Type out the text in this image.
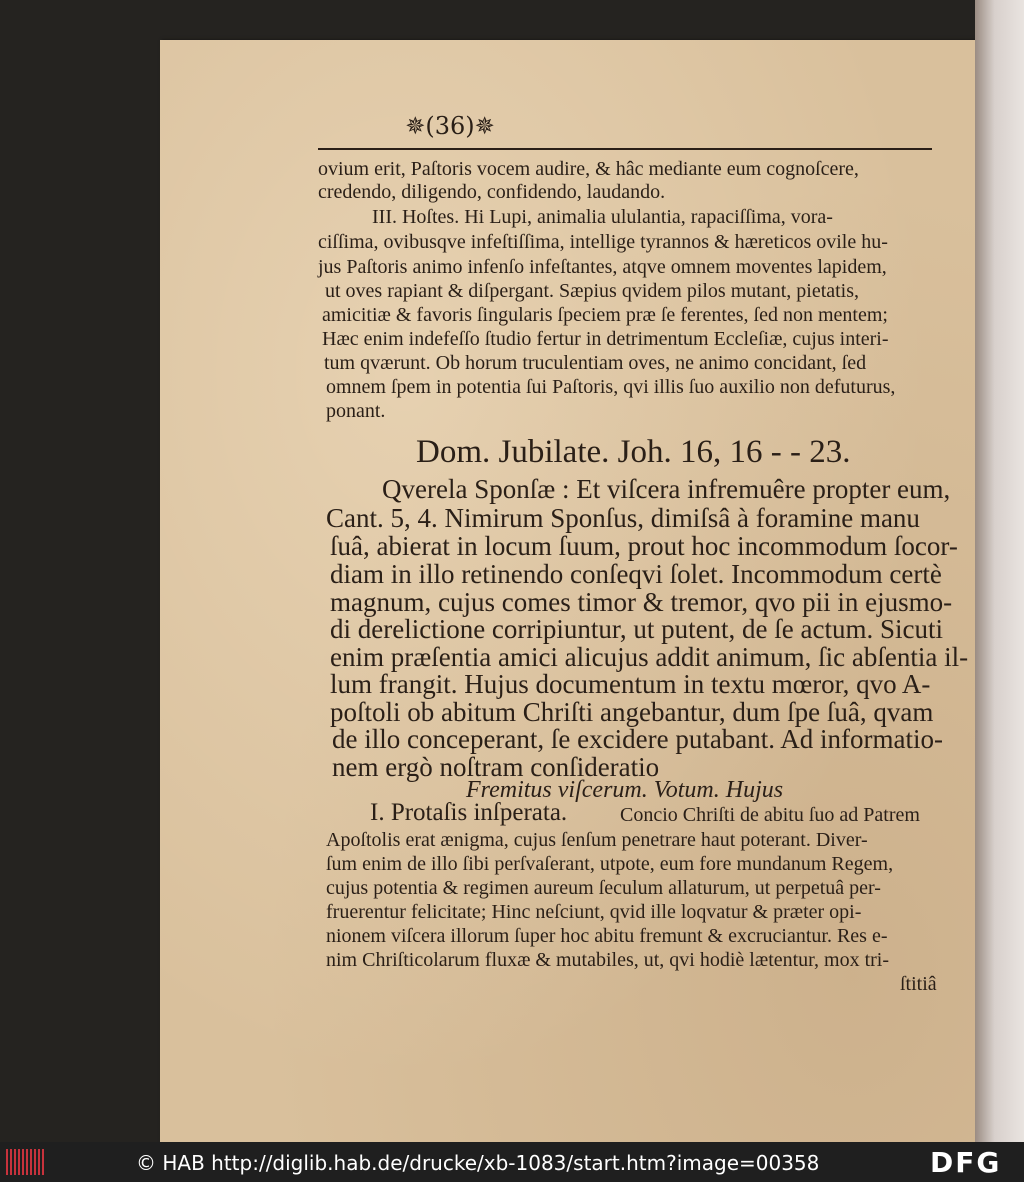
✵(36)✵
ovium erit, Paſtoris vocem audire, & hâc mediante eum cognoſcere,
credendo, diligendo, confidendo, laudando.
III. Hoſtes. Hi Lupi, animalia ululantia, rapaciſſima, vora-
ciſſima, ovibusqve infeſtiſſima, intellige tyrannos & hæreticos ovile hu-
jus Paſtoris animo infenſo infeſtantes, atqve omnem moventes lapidem,
ut oves rapiant & diſpergant. Sæpius qvidem pilos mutant, pietatis,
amicitiæ & favoris ſingularis ſpeciem præ ſe ferentes, ſed non mentem;
Hæc enim indefeſſo ſtudio fertur in detrimentum Eccleſiæ, cujus interi-
tum qværunt. Ob horum truculentiam oves, ne animo concidant, ſed
omnem ſpem in potentia ſui Paſtoris, qvi illis ſuo auxilio non defuturus,
ponant.
Dom. Jubilate. Joh. 16, 16 - - 23.
Qverela Sponſæ : Et viſcera infremuêre propter eum,
Cant. 5, 4. Nimirum Sponſus, dimiſsâ à foramine manu
ſuâ, abierat in locum ſuum, prout hoc incommodum ſocor-
diam in illo retinendo conſeqvi ſolet. Incommodum certè
magnum, cujus comes timor & tremor, qvo pii in ejusmo-
di derelictione corripiuntur, ut putent, de ſe actum. Sicuti
enim præſentia amici alicujus addit animum, ſic abſentia il-
lum frangit. Hujus documentum in textu mœror, qvo A-
poſtoli ob abitum Chriſti angebantur, dum ſpe ſuâ, qvam
de illo conceperant, ſe excidere putabant. Ad informatio-
nem ergò noſtram conſideratio
Fremitus viſcerum. Votum. Hujus
I. Protaſis inſperata.	Concio Chriſti de abitu ſuo ad Patrem
Apoſtolis erat ænigma, cujus ſenſum penetrare haut poterant. Diver-
ſum enim de illo ſibi perſvaſerant, utpote, eum fore mundanum Regem,
cujus potentia & regimen aureum ſeculum allaturum, ut perpetuâ per-
fruerentur felicitate; Hinc neſciunt, qvid ille loqvatur & præter opi-
nionem viſcera illorum ſuper hoc abitu fremunt & excruciantur. Res e-
nim Chriſticolarum fluxæ & mutabiles, ut, qvi hodiè lætentur, mox tri-
ſtitiâ
© HAB http://diglib.hab.de/drucke/xb-1083/start.htm?image=00358	DFG
